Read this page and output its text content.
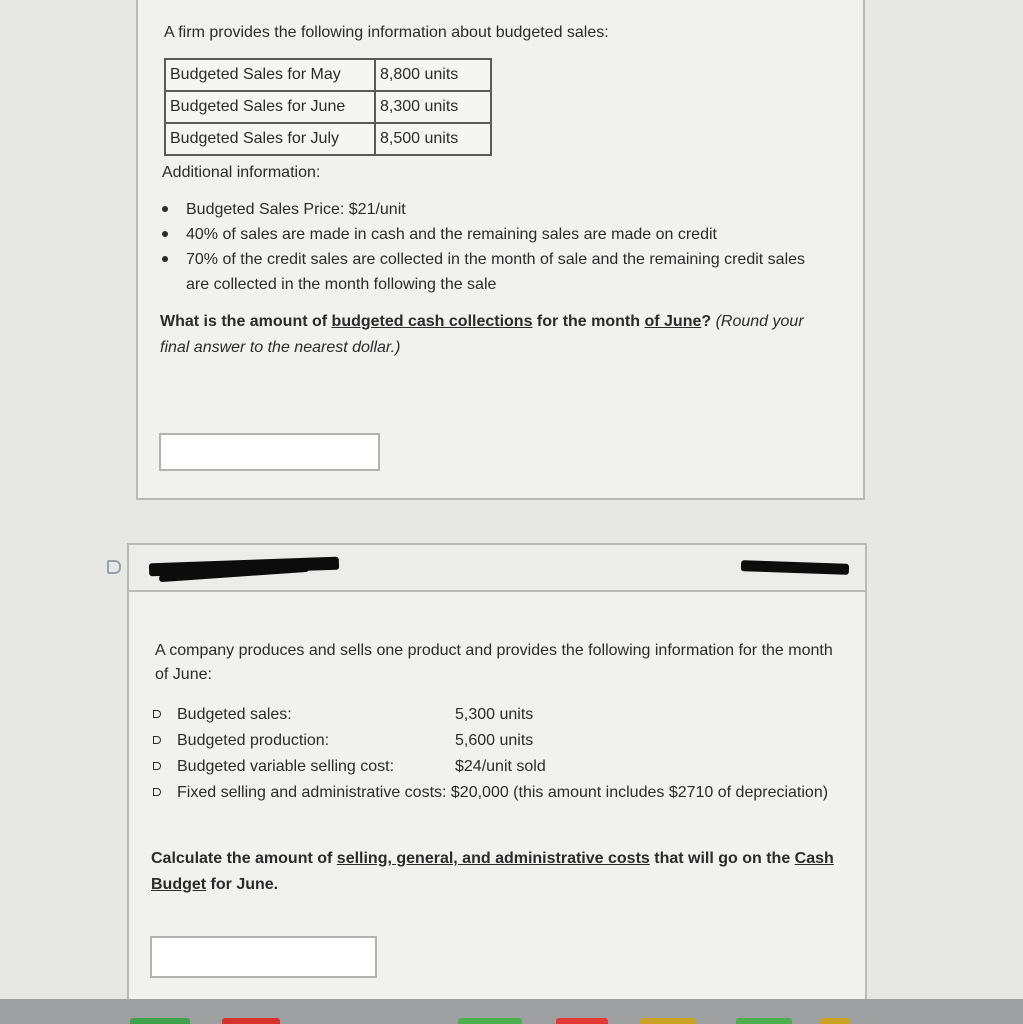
A firm provides the following information about budgeted sales:
Budgeted Sales for May	8,800 units
Budgeted Sales for June	8,300 units
Budgeted Sales for July	8,500 units
Additional information:
Budgeted Sales Price: $21/unit
40% of sales are made in cash and the remaining sales are made on credit
70% of the credit sales are collected in the month of sale and the remaining credit sales are collected in the month following the sale
What is the amount of budgeted cash collections for the month of June? (Round your final answer to the nearest dollar.)
A company produces and sells one product and provides the following information for the month of June:
Budgeted sales:	5,300 units
Budgeted production:	5,600 units
Budgeted variable selling cost:	$24/unit sold
Fixed selling and administrative costs: $20,000 (this amount includes $2710 of depreciation)
Calculate the amount of selling, general, and administrative costs that will go on the Cash Budget for June.
